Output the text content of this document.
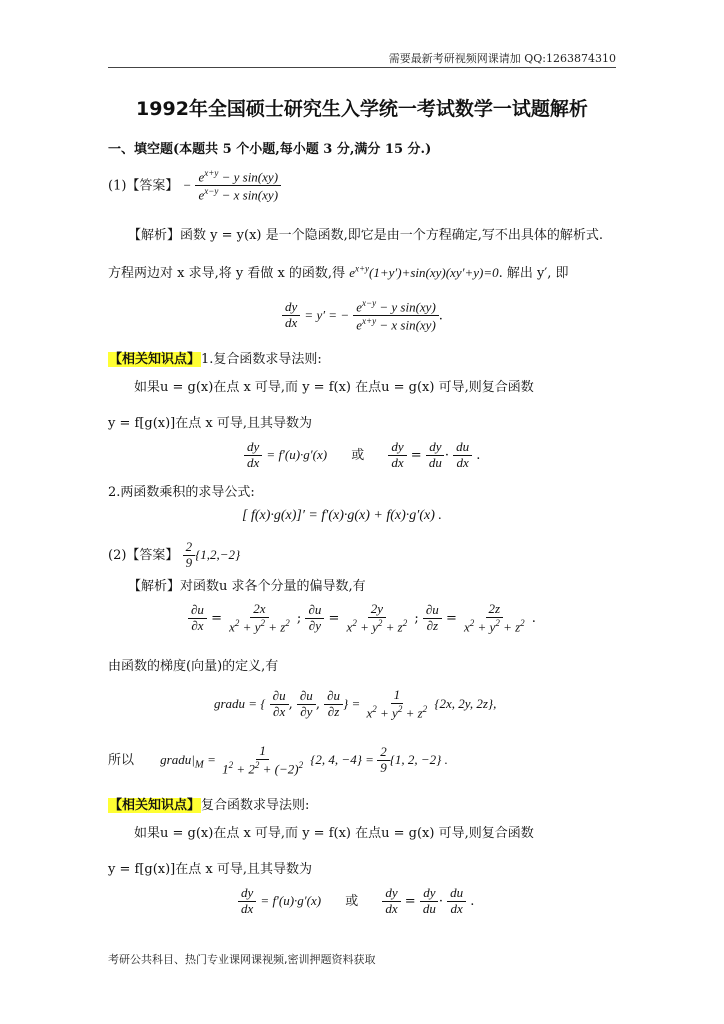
需要最新考研视频网课请加 QQ:1263874310
1992年全国硕士研究生入学统一考试数学一试题解析
一、填空题(本题共 5 个小题,每小题 3 分,满分 15 分.)
(1)【答案】 − $\frac{e^{x+y} - y \sin(xy)}{e^{x-y} - x \sin(xy)}$
【解析】函数 y = y(x) 是一个隐函数,即它是由一个方程确定,写不出具体的解析式.
方程两边对 x 求导,将 y 看做 x 的函数,得 $e^{x+y}(1+y')+\sin(xy)(xy'+y)=0$. 解出 y′, 即
$\frac{dy}{dx} = y'$ = − $\frac{e^{x-y} - y \sin(xy)}{e^{x+y} - x \sin(xy)}$ .
【相关知识点】1.复合函数求导法则:
如果u = g(x)在点 x 可导,而 y = f(x) 在点u = g(x) 可导,则复合函数
y = f[g(x)]在点 x 可导,且其导数为
$\frac{dy}{dx} = f'(u)\cdot g'(x)$ 或 $\frac{dy}{dx} = \frac{dy}{du} \cdot \frac{du}{dx}$ .
2.两函数乘积的求导公式:
[ f(x)·g(x)]′ = f′(x)·g(x) + f(x)·g′(x) .
(2)【答案】 $\frac{2}{9} \{1,2,-2\}$
【解析】对函数u 求各个分量的偏导数,有
$\frac{\partial u}{\partial x} = \frac{2x}{x^2 + y^2 + z^2}$ ; $\frac{\partial u}{\partial y} = \frac{2y}{x^2 + y^2 + z^2}$ ; $\frac{\partial u}{\partial z} = \frac{2z}{x^2 + y^2 + z^2}$ .
由函数的梯度(向量)的定义,有
gradu = { $\frac{\partial u}{\partial x}$ , $\frac{\partial u}{\partial y}$ , $\frac{\partial u}{\partial z}$ } = $\frac{1}{x^2 + y^2 + z^2} \{2x$, 2y, 2z},
所以 $gradu|_M = \frac{1}{1^2 + 2^2 + (-2)^2} \{2$, 4, $-4\} = \frac{2}{9} \{1$, 2, −2} .
【相关知识点】复合函数求导法则:
如果u = g(x)在点 x 可导,而 y = f(x) 在点u = g(x) 可导,则复合函数
y = f[g(x)]在点 x 可导,且其导数为
$\frac{dy}{dx} = f'(u)\cdot g'(x)$ 或 $\frac{dy}{dx} = \frac{dy}{du} \cdot \frac{du}{dx}$ .
考研公共科目、热门专业课网课视频,密训押题资料获取
